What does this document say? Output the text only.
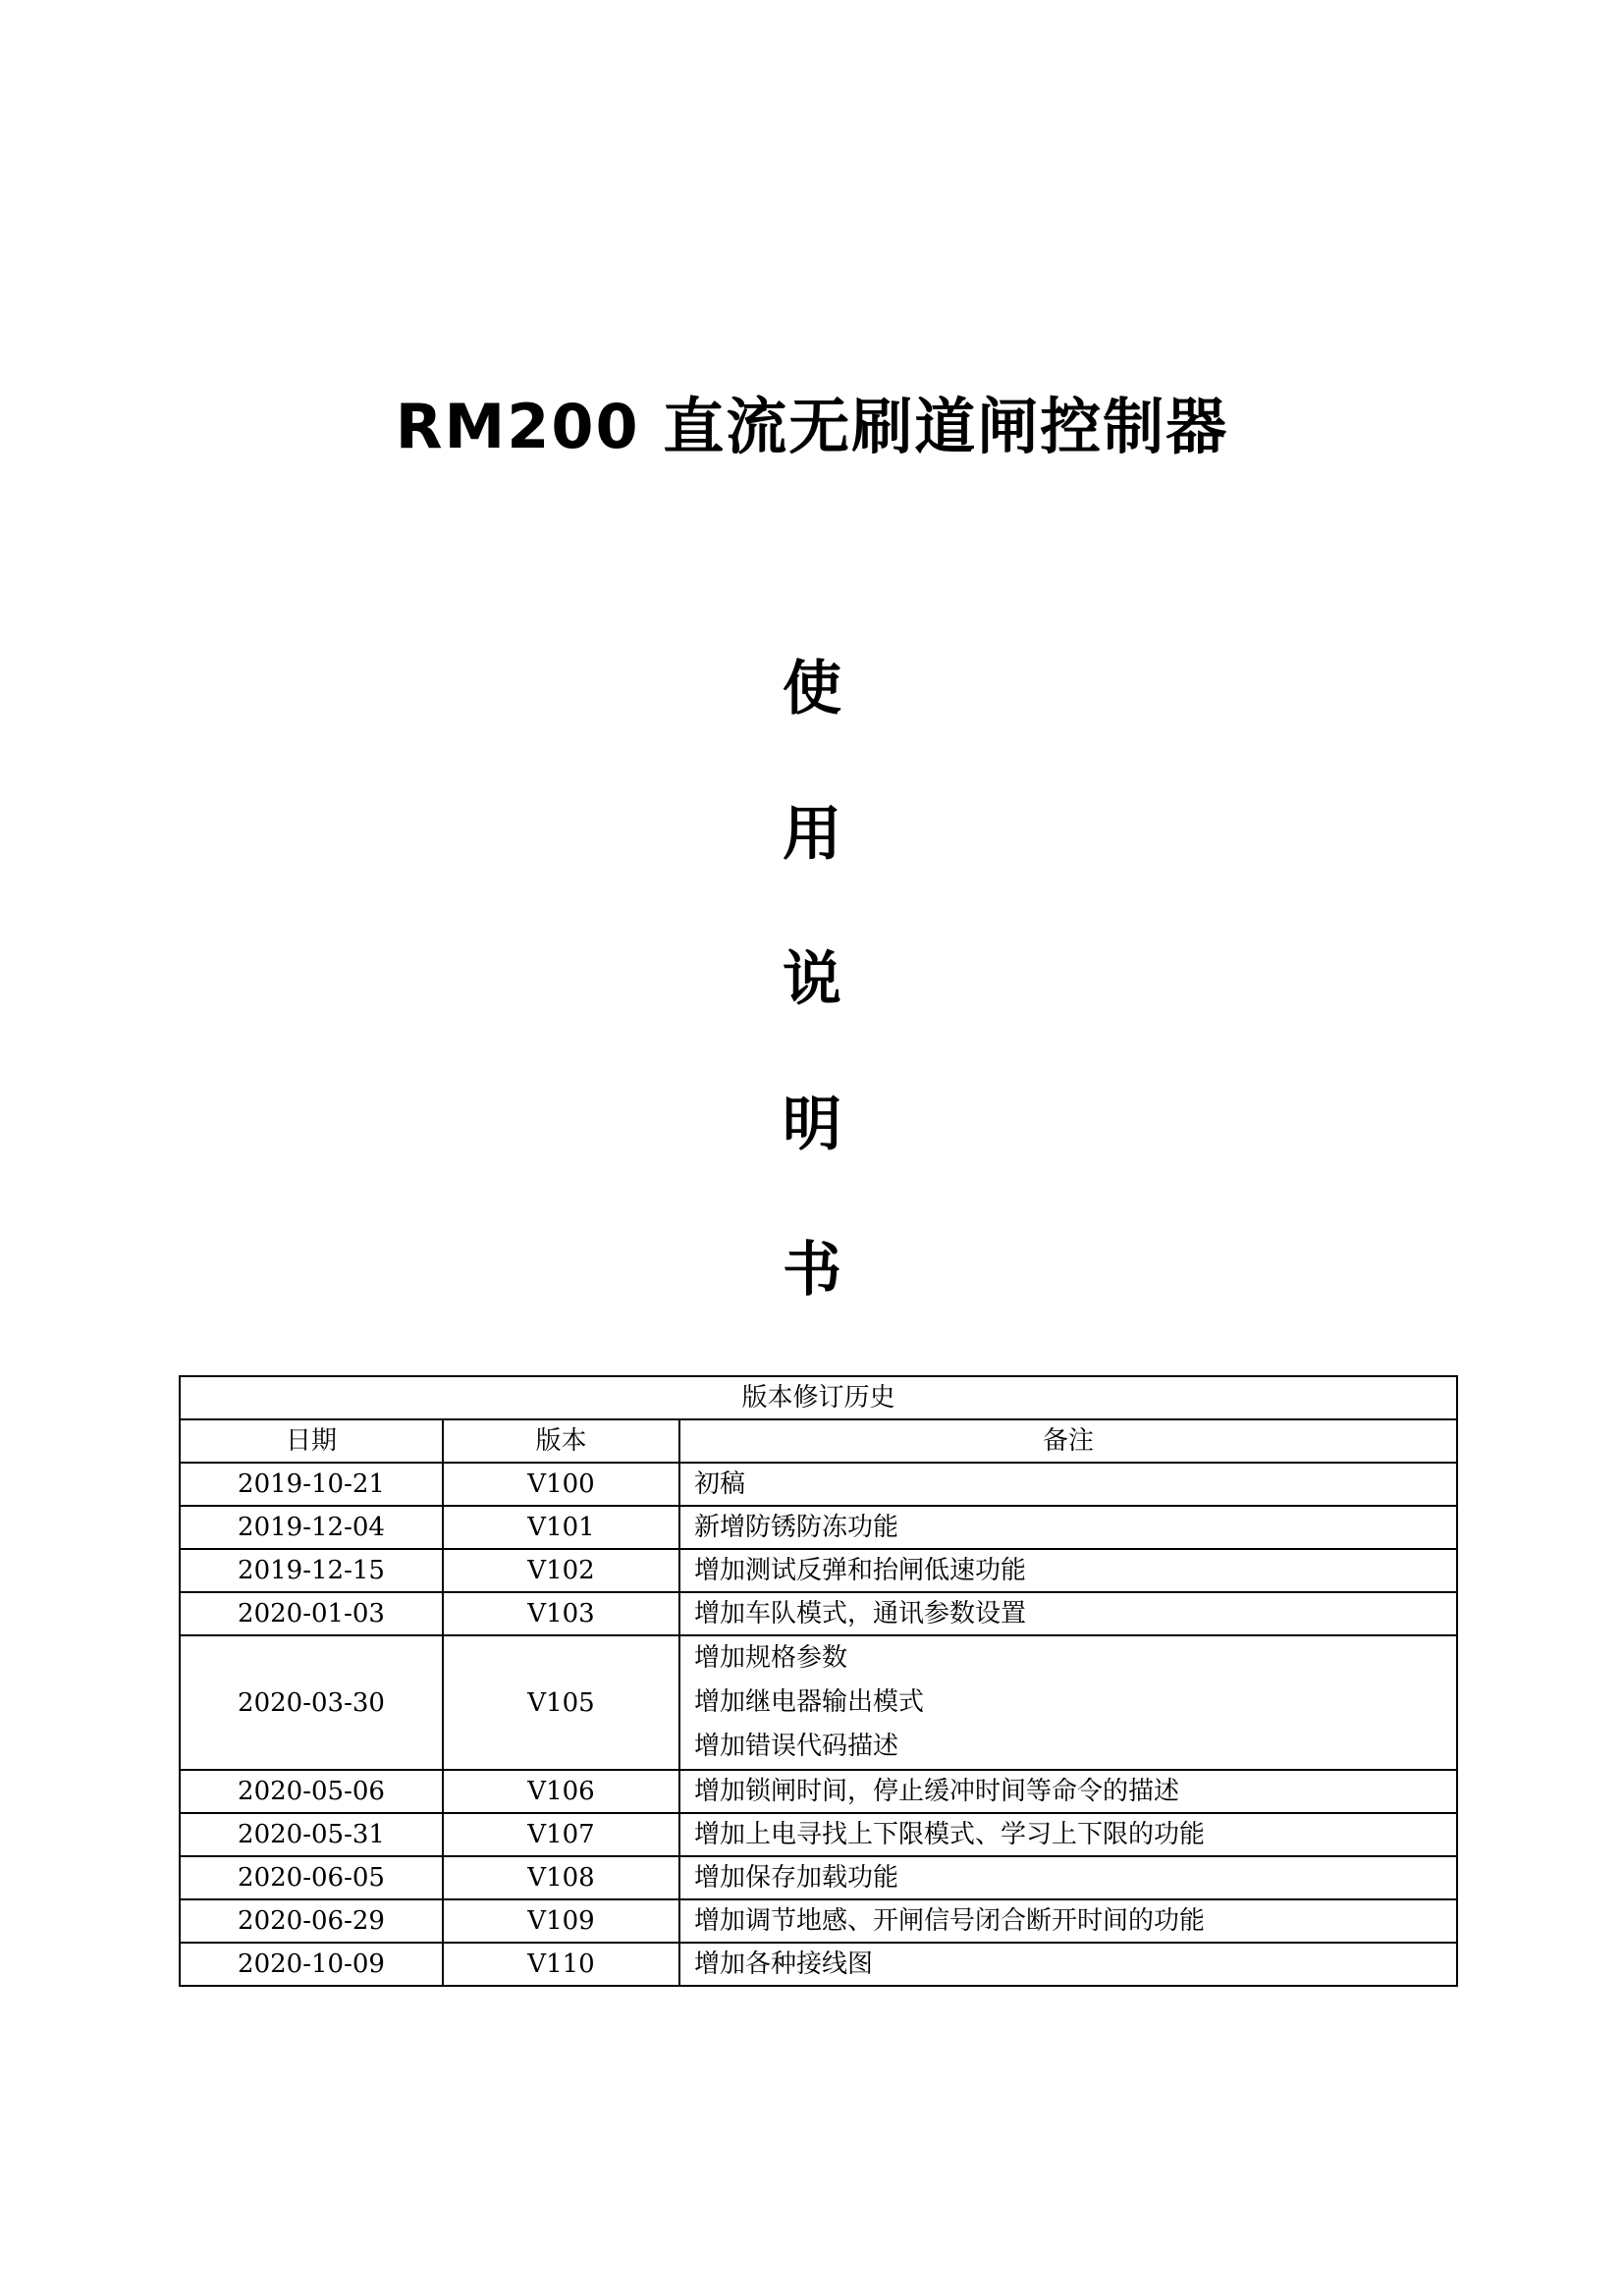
RM200 直流无刷道闸控制器
使
用
说
明
书
版本修订历史		
日期	版本	备注
2019-10-21	V100	初稿
2019-12-04	V101	新增防锈防冻功能
2019-12-15	V102	增加测试反弹和抬闸低速功能
2020-01-03	V103	增加车队模式，通讯参数设置
2020-03-30	V105	增加规格参数
增加继电器输出模式
增加错误代码描述

2020-05-06	V106	增加锁闸时间，停止缓冲时间等命令的描述
2020-05-31	V107	增加上电寻找上下限模式、学习上下限的功能
2020-06-05	V108	增加保存加载功能
2020-06-29	V109	增加调节地感、开闸信号闭合断开时间的功能
2020-10-09	V110	增加各种接线图
